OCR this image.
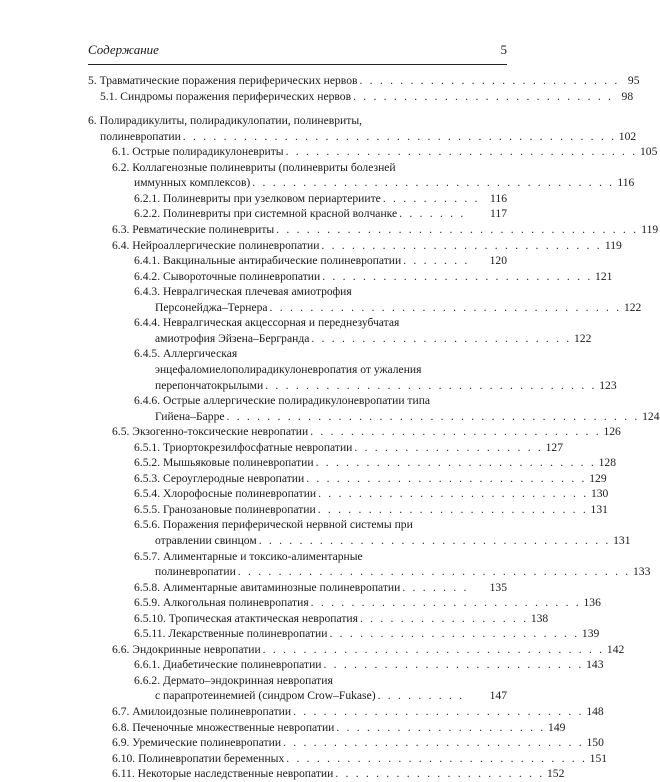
Содержание	5
5. Травматические поражения периферических нервов . . . . . . . . . . . . . . . . . . . . . . . . . . 95
5.1. Синдромы поражения периферических нервов . . . . . . . . . . . . . . . . . . . . . . . . . . 98
6. Полирадикулиты, полирадикулопатии, полиневриты,
полиневропатии . . . . . . . . . . . . . . . . . . . . . . . . . . . . . . . . . . . . . . . . . . . 102
6.1. Острые полирадикулоневриты . . . . . . . . . . . . . . . . . . . . . . . . . . . . . . . . . . . 105
6.2. Коллагенозные полиневриты (полиневриты болезней
иммунных комплексов) . . . . . . . . . . . . . . . . . . . . . . . . . . . . . . . . . . . . 116
6.2.1. Полиневриты при узелковом периартериите . . . . . . . . . . 116
6.2.2. Полиневриты при системной красной волчанке . . . . . . .	117
6.3. Ревматические полиневриты . . . . . . . . . . . . . . . . . . . . . . . . . . . . . . . . . . . . 119
6.4. Нейроаллергические полиневропатии . . . . . . . . . . . . . . . . . . . . . . . . . . . . 119
6.4.1. Вакцинальные антирабические полиневропатии . . . . . . .	120
6.4.2. Сывороточные полиневропатии . . . . . . . . . . . . . . . . . . . . . . . . . . . 121
6.4.3. Невралгическая плечевая амиотрофия
Персонейджа–Тернера . . . . . . . . . . . . . . . . . . . . . . . . . . . . . . . . . . . 122
6.4.4. Невралгическая акцессорная и переднезубчатая
амиотрофия Эйзена–Бергранда . . . . . . . . . . . . . . . . . . . . . . . . . . 122
6.4.5. Аллергическая
энцефаломиелополирадикулоневропатия от ужаления
перепончатокрылыми . . . . . . . . . . . . . . . . . . . . . . . . . . . . . . . . . 123
6.4.6. Острые аллергические полирадикулоневропатии типа
Гийена–Барре . . . . . . . . . . . . . . . . . . . . . . . . . . . . . . . . . . . . . . . . . 124
6.5. Экзогенно-токсические невропатии . . . . . . . . . . . . . . . . . . . . . . . . . . . . . 126
6.5.1. Триортокрезилфосфатные невропатии . . . . . . . . . . . . . . . . . . . 127
6.5.2. Мышьяковые полиневропатии . . . . . . . . . . . . . . . . . . . . . . . . . . . . 128
6.5.3. Сероуглеродные невропатии . . . . . . . . . . . . . . . . . . . . . . . . . . . . 129
6.5.4. Хлорофосные полиневропатии . . . . . . . . . . . . . . . . . . . . . . . . . . . 130
6.5.5. Гранозановые полиневропатии . . . . . . . . . . . . . . . . . . . . . . . . . . . 131
6.5.6. Поражения периферической нервной системы при
отравлении свинцом . . . . . . . . . . . . . . . . . . . . . . . . . . . . . . . . . . . 131
6.5.7. Алиментарные и токсико-алиментарные
полиневропатии . . . . . . . . . . . . . . . . . . . . . . . . . . . . . . . . . . . . . . . 133
6.5.8. Алиментарные авитаминозные полиневропатии . . . . . . .	135
6.5.9. Алкогольная полиневропатия . . . . . . . . . . . . . . . . . . . . . . . . . . . 136
6.5.10. Тропическая атактическая невропатия . . . . . . . . . . . . . . . . . 138
6.5.11. Лекарственные полиневропатии . . . . . . . . . . . . . . . . . . . . . . . . . 139
6.6. Эндокринные невропатии . . . . . . . . . . . . . . . . . . . . . . . . . . . . . . . . . . 142
6.6.1. Диабетические полиневропатии . . . . . . . . . . . . . . . . . . . . . . . . . . 143
6.6.2. Дермато–эндокринная невропатия
с парапротеинемией (синдром Crow–Fukase) . . . . . . . . .	147
6.7. Амилоидозные полиневропатии . . . . . . . . . . . . . . . . . . . . . . . . . . . . . 148
6.8. Печеночные множественные невропатии . . . . . . . . . . . . . . . . . . . . . 149
6.9. Уремические полиневропатии . . . . . . . . . . . . . . . . . . . . . . . . . . . . . . 150
6.10. Полиневропатии беременных . . . . . . . . . . . . . . . . . . . . . . . . . . . . . . 151
6.11. Некоторые наследственные невропатии . . . . . . . . . . . . . . . . . . . . . 152
